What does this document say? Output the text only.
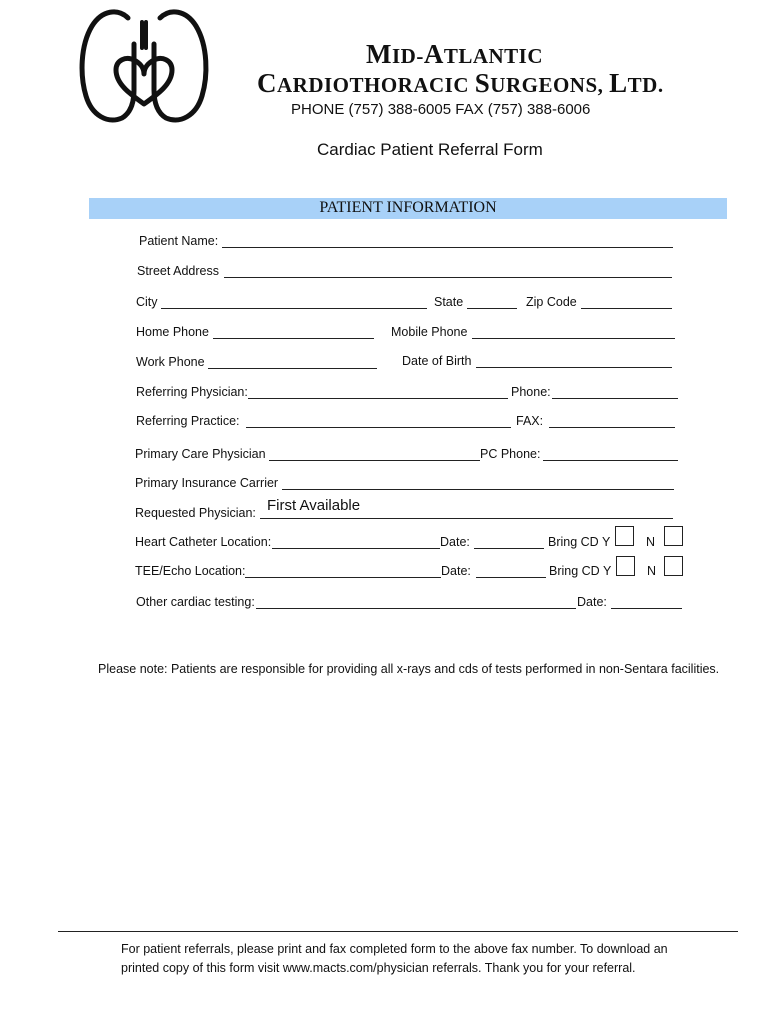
MID-ATLANTIC
CARDIOTHORACIC SURGEONS, LTD.
PHONE (757) 388-6005 FAX (757) 388-6006
Cardiac Patient Referral Form
PATIENT INFORMATION
Patient Name:
Street Address
City	State	Zip Code
Home Phone	Mobile Phone
Work Phone	Date of Birth
Referring Physician:	Phone:
Referring Practice:	FAX:
Primary Care Physician	PC Phone:
Primary Insurance Carrier
Requested Physician: First Available
Heart Catheter Location:	Date:	Bring CD Y	N
TEE/Echo Location:	Date:	Bring CD Y	N
Other cardiac testing:	Date:
Please note: Patients are responsible for providing all x-rays and cds of tests performed in non-Sentara facilities.
For patient referrals, please print and fax completed form to the above fax number. To download an
printed copy of this form visit www.macts.com/physician referrals. Thank you for your referral.
